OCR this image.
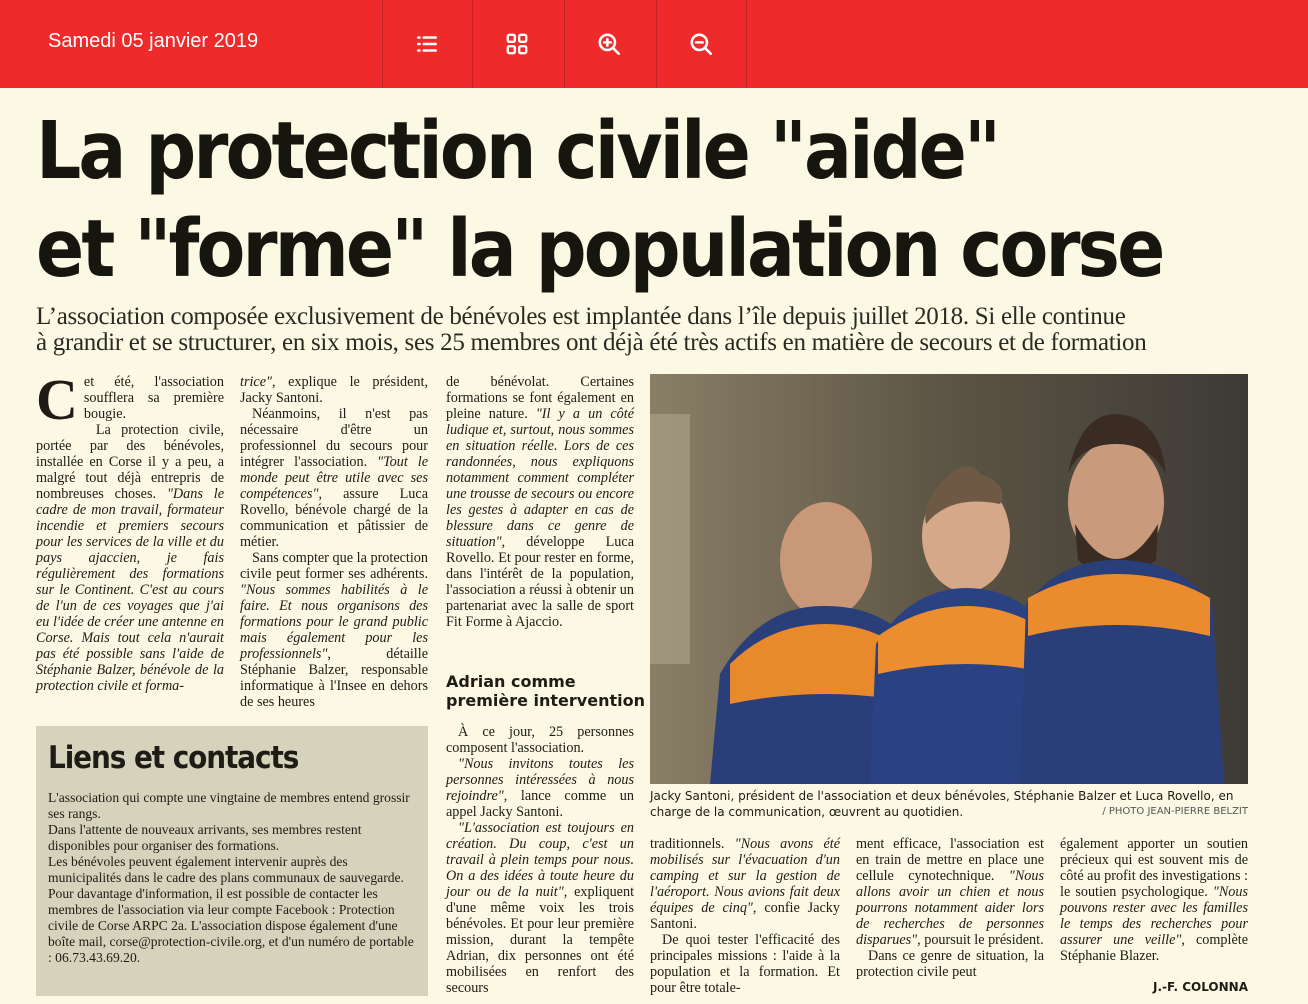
Samedi 05 janvier 2019
La protection civile "aide"
et "forme" la population corse
L’association composée exclusivement de bénévoles est implantée dans l’île depuis juillet 2018. Si elle continue
à grandir et se structurer, en six mois, ses 25 membres ont déjà été très actifs en matière de secours et de formation

Cet été, l'association soufflera sa première bougie.

La protection civile, portée par des bénévoles, installée en Corse il y a peu, a malgré tout déjà entrepris de nombreuses choses. "Dans le cadre de mon travail, formateur incendie et premiers secours pour les services de la ville et du pays ajaccien, je fais régulièrement des formations sur le Continent. C'est au cours de l'un de ces voyages que j'ai eu l'idée de créer une antenne en Corse. Mais tout cela n'aurait pas été possible sans l'aide de Stéphanie Balzer, bénévole de la protection civile et forma-

trice", explique le président, Jacky Santoni.

Néanmoins, il n'est pas nécessaire d'être un professionnel du secours pour intégrer l'association. "Tout le monde peut être utile avec ses compétences", assure Luca Rovello, bénévole chargé de la communication et pâtissier de métier.

Sans compter que la protection civile peut former ses adhérents. "Nous sommes habilités à le faire. Et nous organisons des formations pour le grand public mais également pour les professionnels", détaille Stéphanie Balzer, responsable informatique à l'Insee en dehors de ses heures

de bénévolat. Certaines formations se font également en pleine nature. "Il y a un côté ludique et, surtout, nous sommes en situation réelle. Lors de ces randonnées, nous expliquons notamment comment compléter une trousse de secours ou encore les gestes à adapter en cas de blessure dans ce genre de situation", développe Luca Rovello. Et pour rester en forme, dans l'intérêt de la population, l'association a réussi à obtenir un partenariat avec la salle de sport Fit Forme à Ajaccio.

Adrian comme
première intervention

À ce jour, 25 personnes composent l'association.

"Nous invitons toutes les personnes intéressées à nous rejoindre", lance comme un appel Jacky Santoni.

"L'association est toujours en création. Du coup, c'est un travail à plein temps pour nous. On a des idées à toute heure du jour ou de la nuit", expliquent d'une même voix les trois bénévoles. Et pour leur première mission, durant la tempête Adrian, dix personnes ont été mobilisées en renfort des secours

Jacky Santoni, président de l'association et deux bénévoles, Stéphanie Balzer et Luca Rovello, en charge de la communication, œuvrent au quotidien.	/ PHOTO JEAN-PIERRE BELZIT

traditionnels. "Nous avons été mobilisés sur l'évacuation d'un camping et sur la gestion de l'aéroport. Nous avions fait deux équipes de cinq", confie Jacky Santoni.

De quoi tester l'efficacité des principales missions : l'aide à la population et la formation. Et pour être totale-

ment efficace, l'association est en train de mettre en place une cellule cynotechnique. "Nous allons avoir un chien et nous pourrons notamment aider lors de recherches de personnes disparues", poursuit le président.

Dans ce genre de situation, la protection civile peut

également apporter un soutien précieux qui est souvent mis de côté au profit des investigations : le soutien psychologique. "Nous pouvons rester avec les familles le temps des recherches pour assurer une veille", complète Stéphanie Blazer.

J.-F. COLONNA
Liens et contacts
L'association qui compte une vingtaine de membres entend grossir ses rangs.
Dans l'attente de nouveaux arrivants, ses membres restent disponibles pour organiser des formations.
Les bénévoles peuvent également intervenir auprès des municipalités dans le cadre des plans communaux de sauvegarde.
Pour davantage d'information, il est possible de contacter les membres de l'association via leur compte Facebook : Protection civile de Corse ARPC 2a. L'association dispose également d'une boîte mail, corse@protection-civile.org, et d'un numéro de portable : 06.73.43.69.20.
